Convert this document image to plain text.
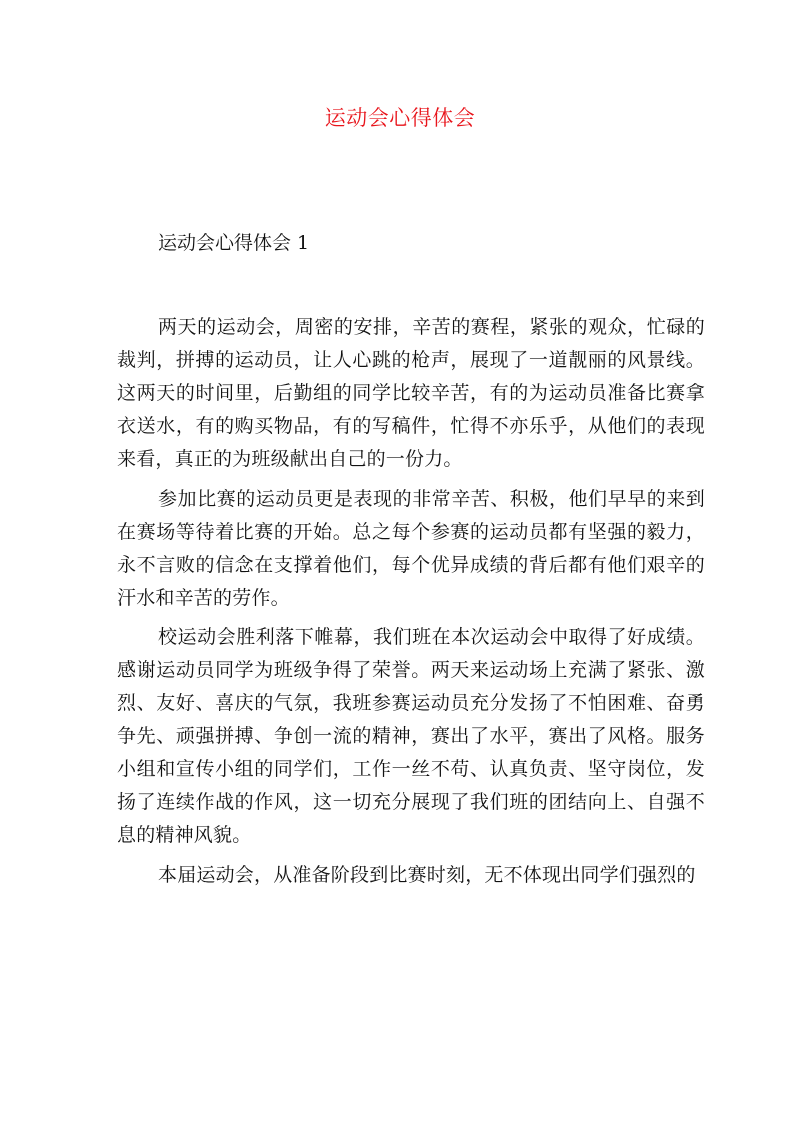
运动会心得体会
运动会心得体会 1

两天的运动会，周密的安排，辛苦的赛程，紧张的观众，忙碌的裁判，拼搏的运动员，让人心跳的枪声，展现了一道靓丽的风景线。这两天的时间里，后勤组的同学比较辛苦，有的为运动员准备比赛拿衣送水，有的购买物品，有的写稿件，忙得不亦乐乎，从他们的表现来看，真正的为班级献出自己的一份力。

参加比赛的运动员更是表现的非常辛苦、积极，他们早早的来到在赛场等待着比赛的开始。总之每个参赛的运动员都有坚强的毅力，永不言败的信念在支撑着他们，每个优异成绩的背后都有他们艰辛的汗水和辛苦的劳作。

校运动会胜利落下帷幕，我们班在本次运动会中取得了好成绩。感谢运动员同学为班级争得了荣誉。两天来运动场上充满了紧张、激烈、友好、喜庆的气氛，我班参赛运动员充分发扬了不怕困难、奋勇争先、顽强拼搏、争创一流的精神，赛出了水平，赛出了风格。服务小组和宣传小组的同学们，工作一丝不苟、认真负责、坚守岗位，发扬了连续作战的作风，这一切充分展现了我们班的团结向上、自强不息的精神风貌。

本届运动会，从准备阶段到比赛时刻，无不体现出同学们强烈的
